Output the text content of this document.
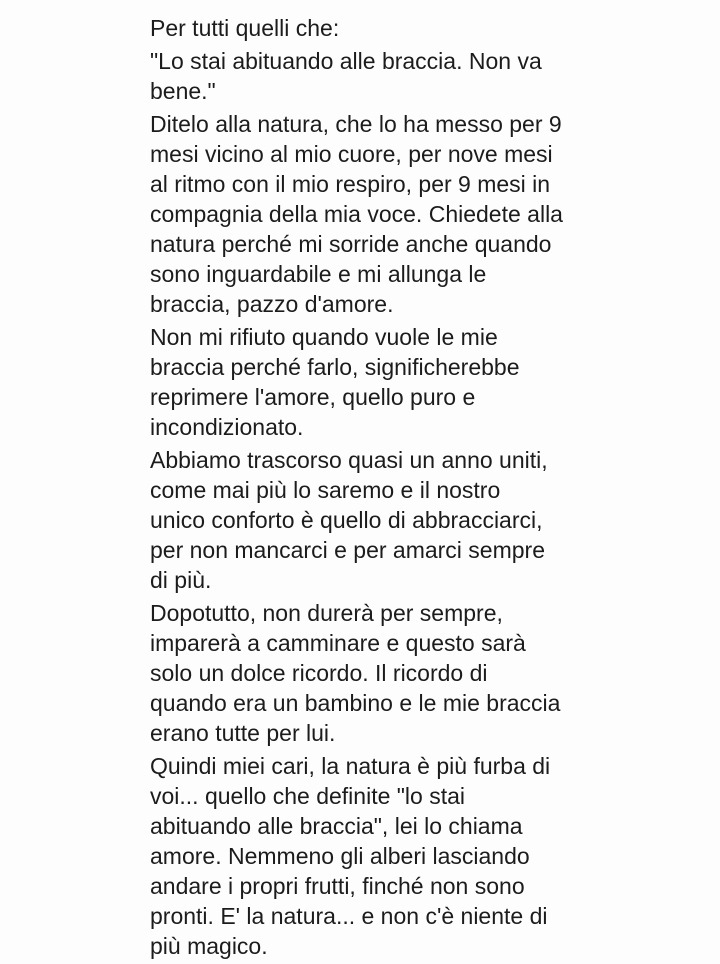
Per tutti quelli che:
"Lo stai abituando alle braccia. Non va
bene."
Ditelo alla natura, che lo ha messo per 9
mesi vicino al mio cuore, per nove mesi
al ritmo con il mio respiro, per 9 mesi in
compagnia della mia voce. Chiedete alla
natura perché mi sorride anche quando
sono inguardabile e mi allunga le
braccia, pazzo d'amore.
Non mi rifiuto quando vuole le mie
braccia perché farlo, significherebbe
reprimere l'amore, quello puro e
incondizionato.
Abbiamo trascorso quasi un anno uniti,
come mai più lo saremo e il nostro
unico conforto è quello di abbracciarci,
per non mancarci e per amarci sempre
di più.
Dopotutto, non durerà per sempre,
imparerà a camminare e questo sarà
solo un dolce ricordo. Il ricordo di
quando era un bambino e le mie braccia
erano tutte per lui.
Quindi miei cari, la natura è più furba di
voi... quello che definite "lo stai
abituando alle braccia", lei lo chiama
amore. Nemmeno gli alberi lasciando
andare i propri frutti, finché non sono
pronti. E' la natura... e non c'è niente di
più magico.
